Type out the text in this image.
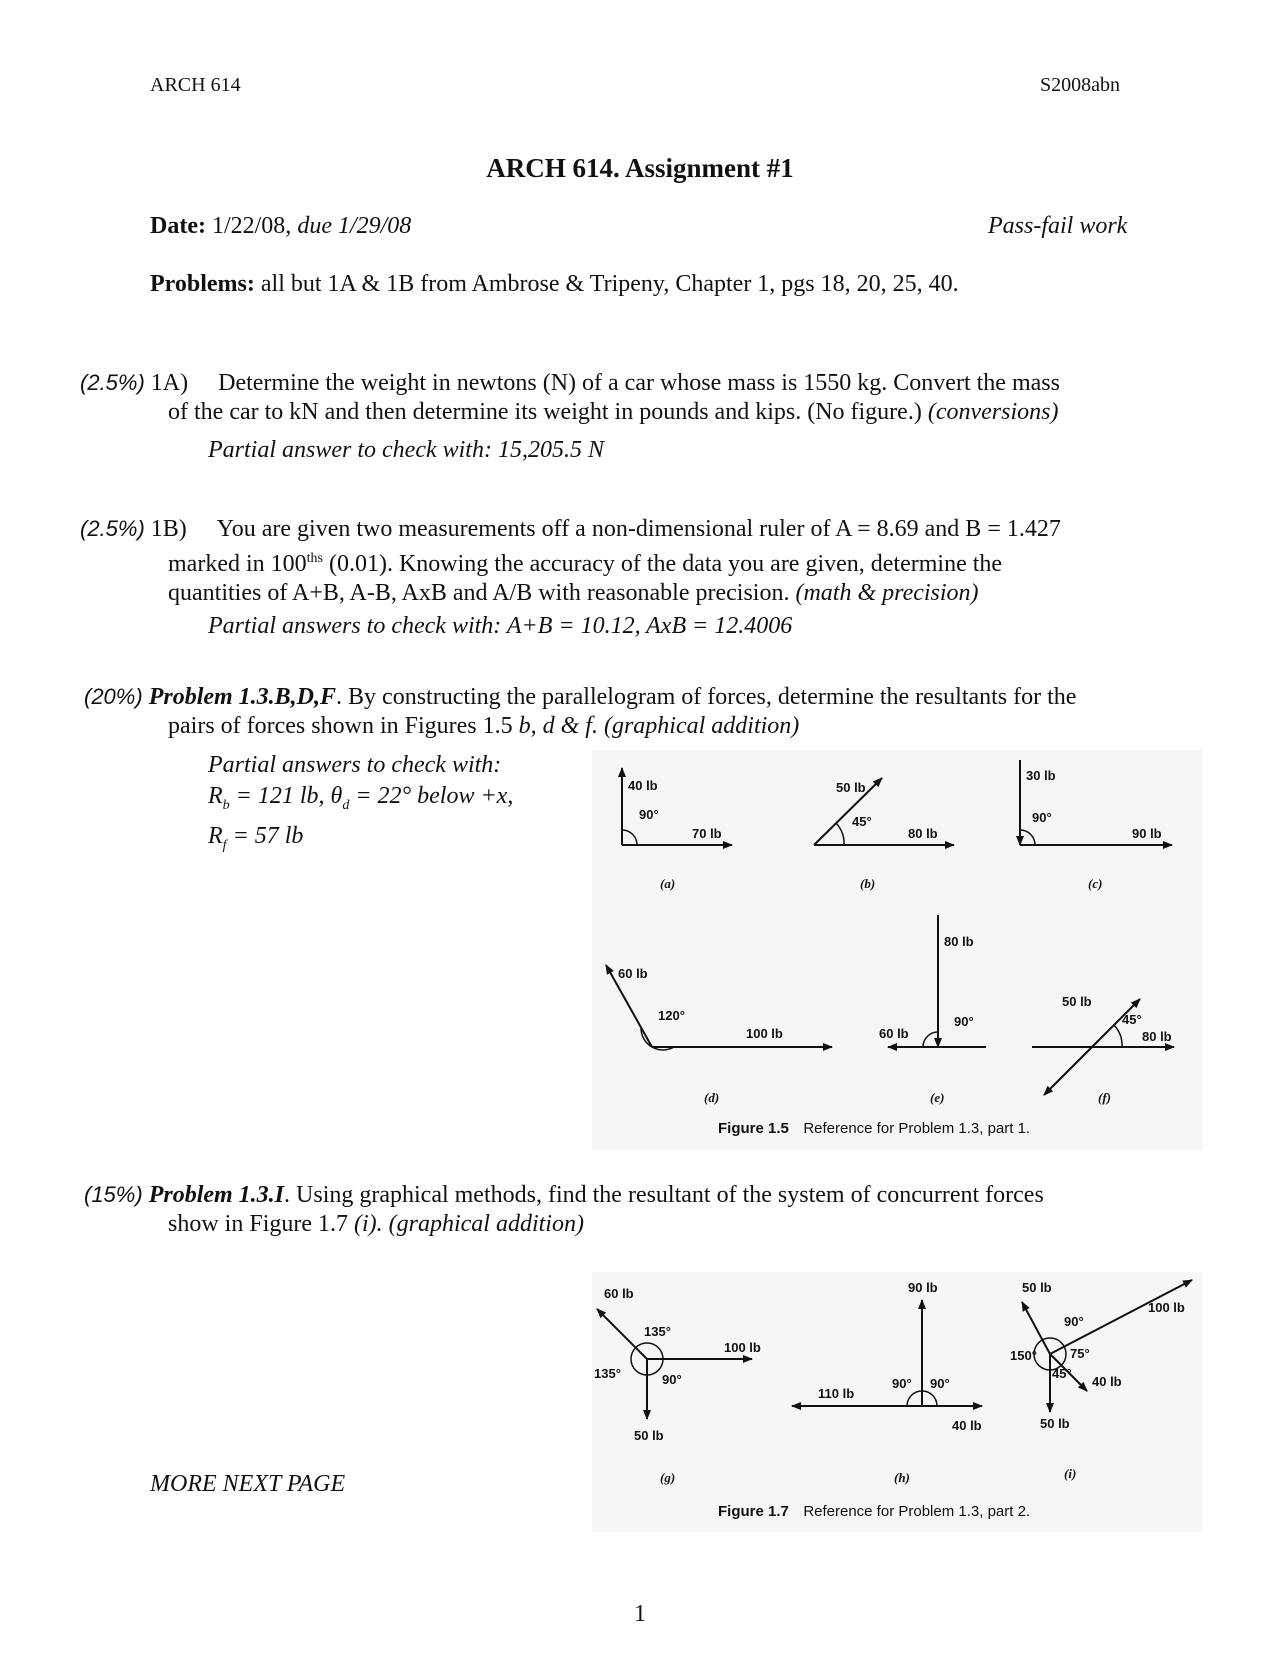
ARCH 614	S2008abn
ARCH 614. Assignment #1
Date: 1/22/08, due 1/29/08	Pass-fail work
Problems: all but 1A & 1B from Ambrose & Tripeny, Chapter 1, pgs 18, 20, 25, 40.
(2.5%) 1A) Determine the weight in newtons (N) of a car whose mass is 1550 kg. Convert the mass
of the car to kN and then determine its weight in pounds and kips. (No figure.) (conversions)
Partial answer to check with: 15,205.5 N
(2.5%) 1B) You are given two measurements off a non-dimensional ruler of A = 8.69 and B = 1.427
marked in $100^{ths}$ (0.01). Knowing the accuracy of the data you are given, determine the
quantities of A+B, A-B, AxB and A/B with reasonable precision. (math & precision)
Partial answers to check with: A+B = 10.12, AxB = 12.4006
(20%) Problem 1.3.B,D,F. By constructing the parallelogram of forces, determine the resultants for the
pairs of forces shown in Figures 1.5 b, d & f. (graphical addition)
Partial answers to check with:
$R_b = 121$ lb, $\theta_d = 22^\circ$ below +x,
$R_f = 57$ lb
40 lb
90°
70 lb
(a)
50 lb
45°
80 lb
(b)
30 lb
90°
90 lb
(c)
60 lb
120°
100 lb
(d)
80 lb
90°
60 lb
(e)
50 lb
45°
80 lb
(f)
Figure 1.5 Reference for Problem 1.3, part 1.
(15%) Problem 1.3.I. Using graphical methods, find the resultant of the system of concurrent forces
show in Figure 1.7 (i). (graphical addition)
60 lb
135°
135°
100 lb
90°
50 lb
(g)
90 lb
90° 90°
110 lb
40 lb
(h)
50 lb
90°
100 lb
150°	75°
45°
40 lb
50 lb
(i)
Figure 1.7 Reference for Problem 1.3, part 2.
MORE NEXT PAGE
1
